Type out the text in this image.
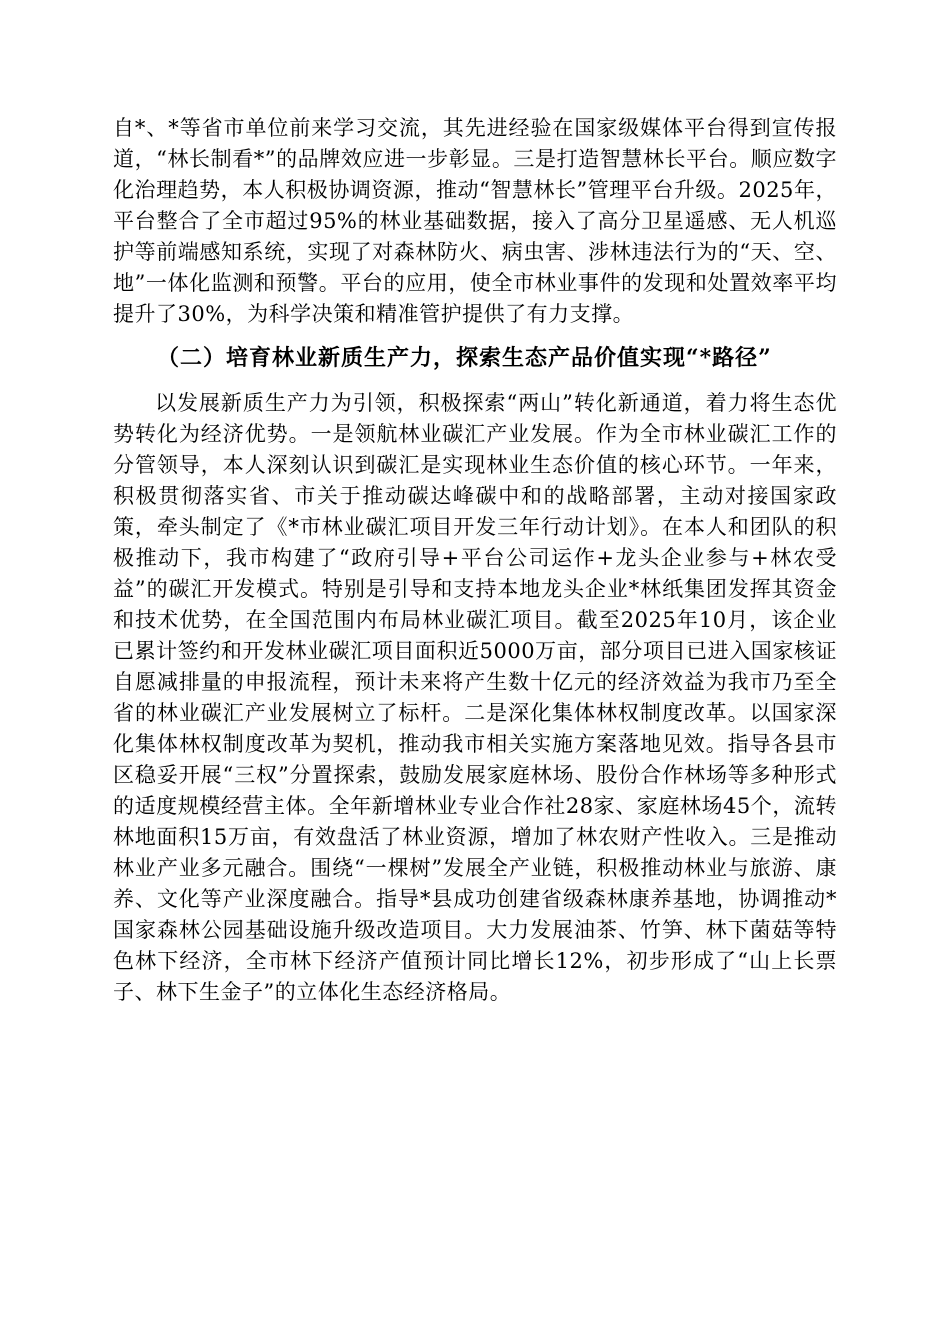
自*、*等省市单位前来学习交流，其先进经验在国家级媒体平台得到宣传报道，“林长制看*”的品牌效应进一步彰显。三是打造智慧林长平台。顺应数字化治理趋势，本人积极协调资源，推动“智慧林长”管理平台升级。2025年，平台整合了全市超过95%的林业基础数据，接入了高分卫星遥感、无人机巡护等前端感知系统，实现了对森林防火、病虫害、涉林违法行为的“天、空、地”一体化监测和预警。平台的应用，使全市林业事件的发现和处置效率平均提升了30%，为科学决策和精准管护提供了有力支撑。

（二）培育林业新质生产力，探索生态产品价值实现“*路径”

以发展新质生产力为引领，积极探索“两山”转化新通道，着力将生态优势转化为经济优势。一是领航林业碳汇产业发展。作为全市林业碳汇工作的分管领导，本人深刻认识到碳汇是实现林业生态价值的核心环节。一年来，积极贯彻落实省、市关于推动碳达峰碳中和的战略部署，主动对接国家政策，牵头制定了《*市林业碳汇项目开发三年行动计划》。在本人和团队的积极推动下，我市构建了“政府引导+平台公司运作+龙头企业参与+林农受益”的碳汇开发模式。特别是引导和支持本地龙头企业*林纸集团发挥其资金和技术优势，在全国范围内布局林业碳汇项目。截至2025年10月，该企业已累计签约和开发林业碳汇项目面积近5000万亩，部分项目已进入国家核证自愿减排量的申报流程，预计未来将产生数十亿元的经济效益为我市乃至全省的林业碳汇产业发展树立了标杆。二是深化集体林权制度改革。以国家深化集体林权制度改革为契机，推动我市相关实施方案落地见效。指导各县市区稳妥开展“三权”分置探索，鼓励发展家庭林场、股份合作林场等多种形式的适度规模经营主体。全年新增林业专业合作社28家、家庭林场45个，流转林地面积15万亩，有效盘活了林业资源，增加了林农财产性收入。三是推动林业产业多元融合。围绕“一棵树”发展全产业链，积极推动林业与旅游、康养、文化等产业深度融合。指导*县成功创建省级森林康养基地，协调推动*国家森林公园基础设施升级改造项目。大力发展油茶、竹笋、林下菌菇等特色林下经济，全市林下经济产值预计同比增长12%，初步形成了“山上长票子、林下生金子”的立体化生态经济格局。
